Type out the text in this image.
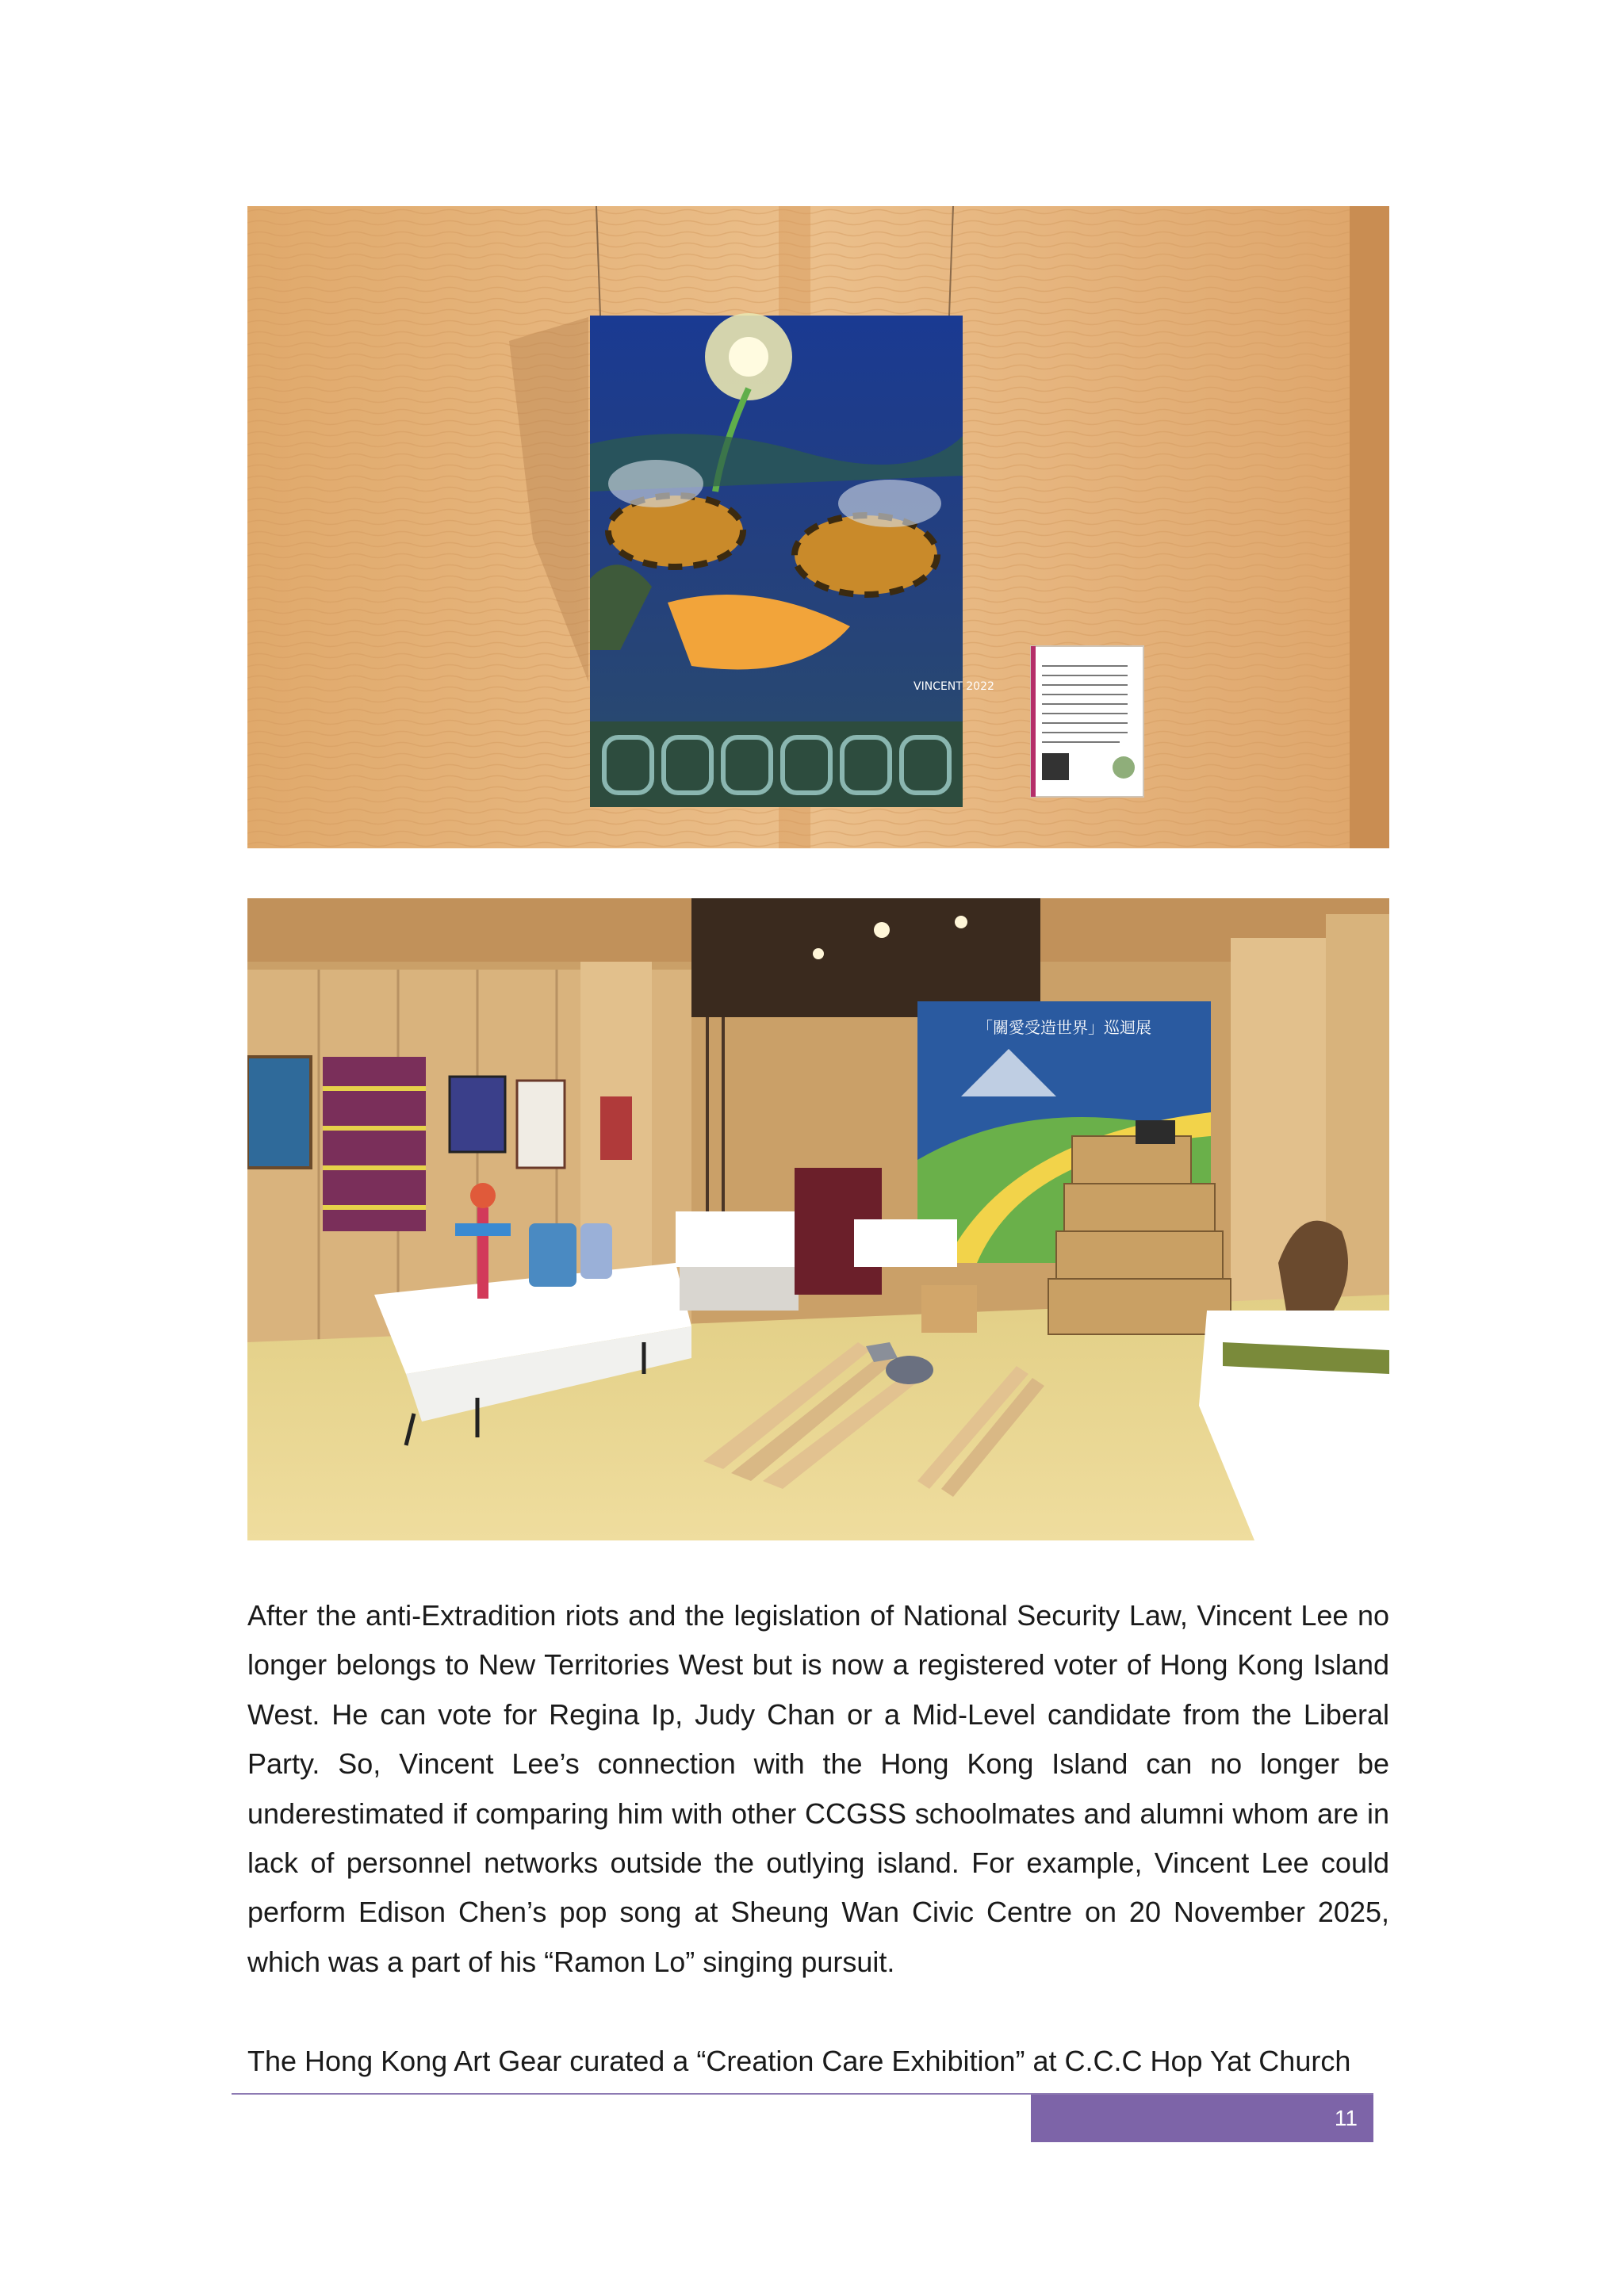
VINCENT 2022
「關愛受造世界」巡迴展

After the anti-Extradition riots and the legislation of National Security Law, Vincent Lee no longer belongs to New Territories West but is now a registered voter of Hong Kong Island West. He can vote for Regina Ip, Judy Chan or a Mid-Level candidate from the Liberal Party. So, Vincent Lee’s connection with the Hong Kong Island can no longer be underestimated if comparing him with other CCGSS schoolmates and alumni whom are in lack of personnel networks outside the outlying island. For example, Vincent Lee could perform Edison Chen’s pop song at Sheung Wan Civic Centre on 20 November 2025, which was a part of his “Ramon Lo” singing pursuit.

The Hong Kong Art Gear curated a “Creation Care Exhibition” at C.C.C Hop Yat Church

11
